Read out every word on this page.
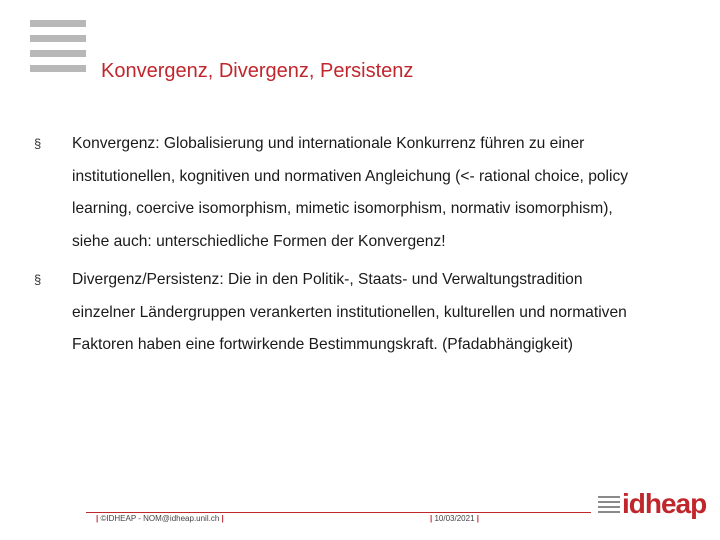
Konvergenz, Divergenz, Persistenz
§ Konvergenz: Globalisierung und internationale Konkurrenz führen zu einer institutionellen, kognitiven und normativen Angleichung (<- rational choice, policy learning, coercive isomorphism, mimetic isomorphism, normativ isomorphism), siehe auch: unterschiedliche Formen der Konvergenz!
§ Divergenz/Persistenz: Die in den Politik-, Staats- und Verwaltungstradition einzelner Ländergruppen verankerten institutionellen, kulturellen und normativen Faktoren haben eine fortwirkende Bestimmungskraft. (Pfadabhängigkeit)
| ©IDHEAP - NOM@idheap.unil.ch |	| 10/03/2021 |	idheap
